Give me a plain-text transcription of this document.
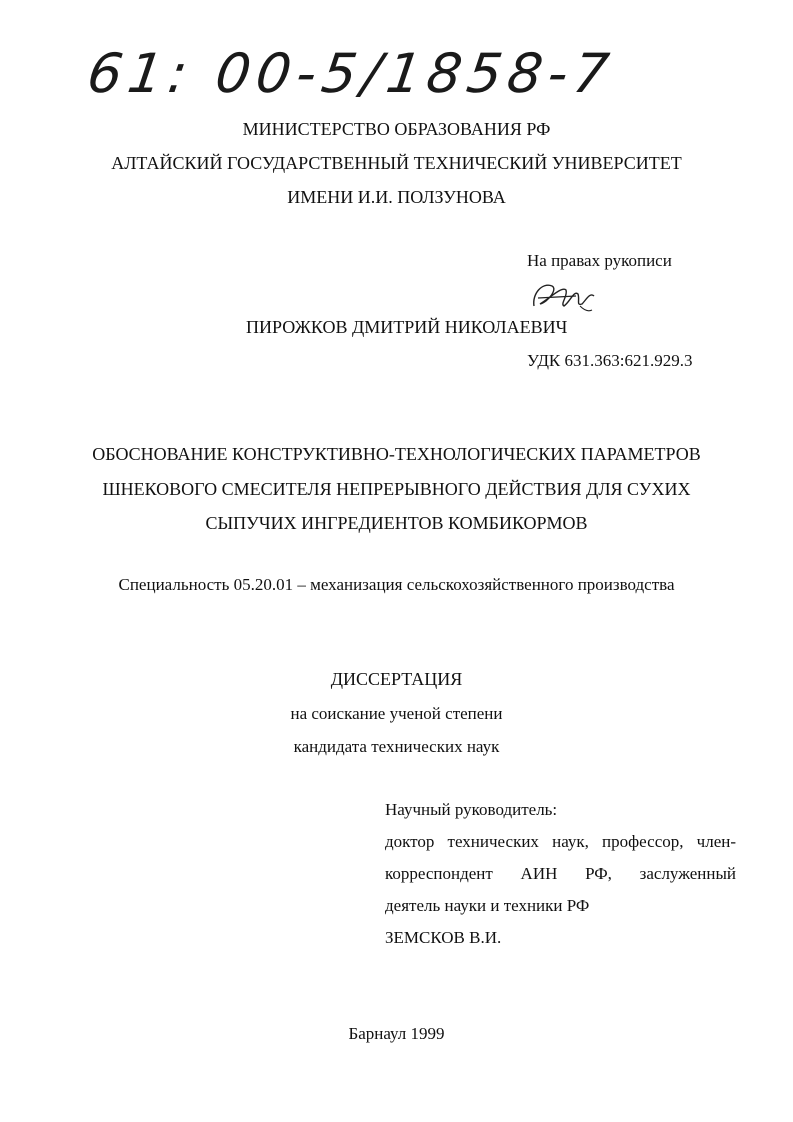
61: 00-5/1858-7
МИНИСТЕРСТВО ОБРАЗОВАНИЯ РФ
АЛТАЙСКИЙ ГОСУДАРСТВЕННЫЙ ТЕХНИЧЕСКИЙ УНИВЕРСИТЕТ
ИМЕНИ И.И. ПОЛЗУНОВА
На правах рукописи
ПИРОЖКОВ ДМИТРИЙ НИКОЛАЕВИЧ
УДК 631.363:621.929.3
ОБОСНОВАНИЕ КОНСТРУКТИВНО-ТЕХНОЛОГИЧЕСКИХ ПАРАМЕТРОВ
ШНЕКОВОГО СМЕСИТЕЛЯ НЕПРЕРЫВНОГО ДЕЙСТВИЯ ДЛЯ СУХИХ
СЫПУЧИХ ИНГРЕДИЕНТОВ КОМБИКОРМОВ
Специальность 05.20.01 – механизация сельскохозяйственного производства
ДИССЕРТАЦИЯ
на соискание ученой степени
кандидата технических наук
Научный руководитель:
доктор технических наук, профессор, член-
корреспондент АИН РФ, заслуженный
деятель науки и техники РФ
ЗЕМСКОВ В.И.
Барнаул 1999
